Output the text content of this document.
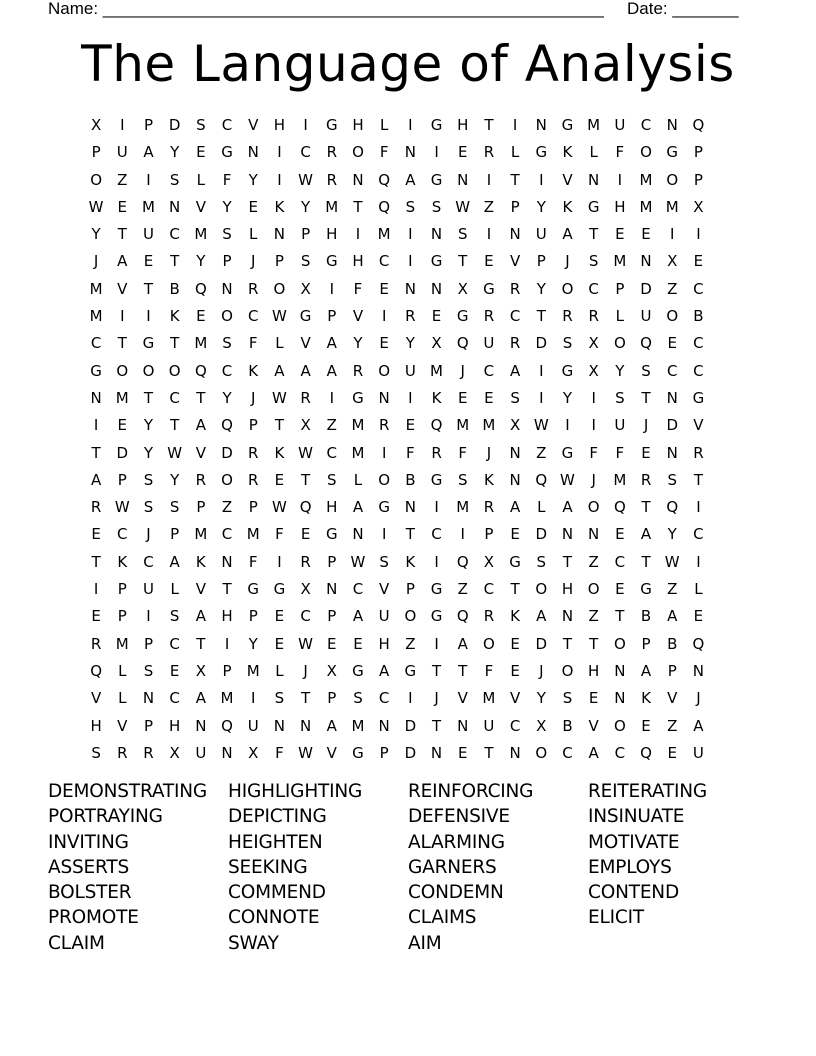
Name: _____________________________________________________ Date: _______
The Language of Analysis
X	I	P	D	S	C	V	H	I	G H	L	I	G H	T	I	N G M U	C	N Q
P	U	A	Y	E	G N	I	C	R	O	F	N	I	E	R	L	G	K	L	F	O G	P
O	Z	I	S	L	F	Y	I	W R	N Q	A	G N	I	T	I	V	N	I	M O	P
W E M N	V	Y	E	K	Y	M	T	Q	S	S W Z	P	Y	K	G H M M X
Y	T	U	C M S	L	N	P	H	I	M	I	N	S	I	N	U	A	T	E	E	I	I
J	A	E	T	Y	P	J	P	S	G H	C	I	G	T	E	V	P	J	S M N	X	E
M V	T	B	Q N	R	O	X	I	F	E	N N	X	G	R	Y	O	C	P	D	Z	C
M	I	I	K	E	O	C W G	P	V	I	R	E	G	R	C	T	R	R	L	U O	B
C	T	G	T	M S	F	L	V	A	Y	E	Y	X	Q U	R	D	S	X	O Q	E	C
G O O O Q	C	K	A	A	A	R	O U M	J	C	A	I	G	X	Y	S	C	C
N M	T	C	T	Y	J	W R	I	G N	I	K	E	E	S	I	Y	I	S	T	N G
I	E	Y	T	A	Q	P	T	X	Z M R	E	Q M M X W	I	I	U	J	D	V
T	D	Y W V	D	R	K W C M	I	F	R	F	J	N	Z	G	F	F	E	N	R
A	P	S	Y	R	O	R	E	T	S	L	O	B	G	S	K	N Q W	J	M R	S	T
R W S	S	P	Z	P W Q H	A	G N	I	M R	A	L	A	O Q	T	Q	I
E	C	J	P	M C M	F	E	G N	I	T	C	I	P	E	D N N	E	A	Y	C
T	K	C	A	K	N	F	I	R	P W S	K	I	Q	X	G	S	T	Z	C	T W	I
I	P	U	L	V	T	G G	X	N	C	V	P	G	Z	C	T	O H O	E	G	Z	L
E	P	I	S	A	H	P	E	C	P	A	U O G Q	R	K	A	N	Z	T	B	A	E
R M	P	C	T	I	Y	E W E	E	H	Z	I	A	O	E	D	T	T	O	P	B	Q
Q	L	S	E	X	P	M	L	J	X	G	A	G	T	T	F	E	J	O H N	A	P	N
V	L	N	C	A M	I	S	T	P	S	C	I	J	V M V	Y	S	E	N	K	V	J
H	V	P	H N Q U	N N	A M N D	T	N	U	C	X	B	V	O	E	Z	A
S	R	R	X	U	N	X	F W V	G	P	D N	E	T	N O	C	A	C	Q	E	U
DEMONSTRATING	HIGHLIGHTING	REINFORCING	REITERATING
PORTRAYING	DEPICTING	DEFENSIVE	INSINUATE
INVITING	HEIGHTEN	ALARMING	MOTIVATE
ASSERTS	SEEKING	GARNERS	EMPLOYS
BOLSTER	COMMEND	CONDEMN	CONTEND
PROMOTE	CONNOTE	CLAIMS	ELICIT
CLAIM	SWAY	AIM
